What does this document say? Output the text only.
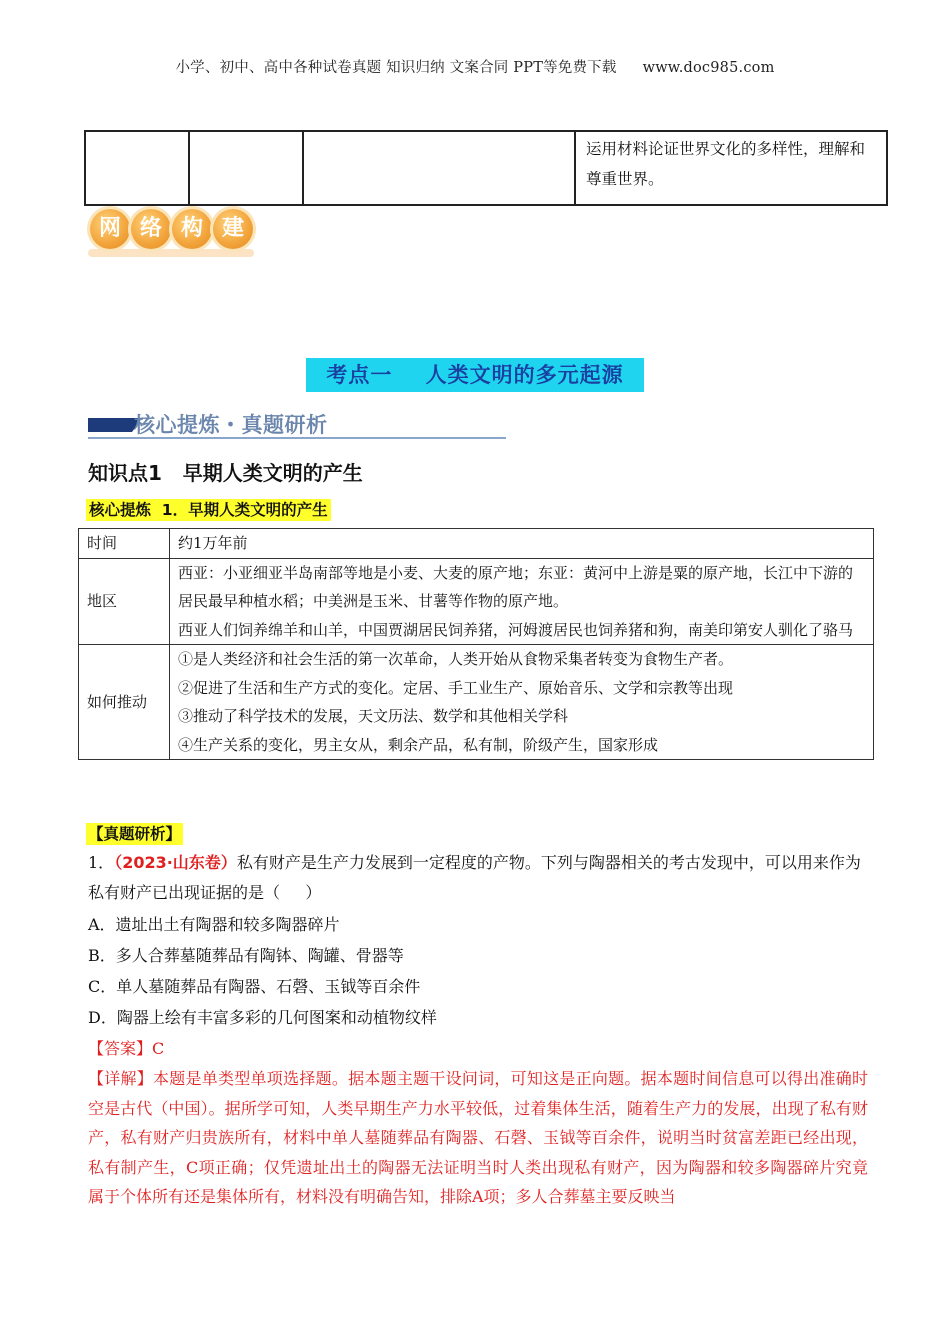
小学、初中、高中各种试卷真题 知识归纳 文案合同 PPT等免费下载 www.doc985.com
			运用材料论证世界文化的多样性，理解和尊重世界。
网 络 构 建
考点一    人类文明的多元起源
核心提炼・真题研析
知识点1   早期人类文明的产生
核心提炼  1．早期人类文明的产生
时间	约1万年前

地区	西亚：小亚细亚半岛南部等地是小麦、大麦的原产地；东亚：黄河中上游是粟的原产地，长江中下游的居民最早种植水稻；中美洲是玉米、甘薯等作物的原产地。
西亚人们饲养绵羊和山羊，中国贾湖居民饲养猪，河姆渡居民也饲养猪和狗，南美印第安人驯化了骆马

如何推动	①是人类经济和社会生活的第一次革命，人类开始从食物采集者转变为食物生产者。
②促进了生活和生产方式的变化。定居、手工业生产、原始音乐、文学和宗教等出现
③推动了科学技术的发展，天文历法、数学和其他相关学科
④生产关系的变化，男主女从，剩余产品，私有制，阶级产生，国家形成
【真题研析】
1．（2023·山东卷）私有财产是生产力发展到一定程度的产物。下列与陶器相关的考古发现中，可以用来作为私有财产已出现证据的是（     ）
A．遗址出土有陶器和较多陶器碎片
B．多人合葬墓随葬品有陶钵、陶罐、骨器等
C．单人墓随葬品有陶器、石磬、玉钺等百余件
D．陶器上绘有丰富多彩的几何图案和动植物纹样
【答案】C
【详解】本题是单类型单项选择题。据本题主题干设问词，可知这是正向题。据本题时间信息可以得出准确时空是古代（中国）。据所学可知，人类早期生产力水平较低，过着集体生活，随着生产力的发展，出现了私有财产，私有财产归贵族所有，材料中单人墓随葬品有陶器、石磬、玉钺等百余件，说明当时贫富差距已经出现，私有制产生，C项正确；仅凭遗址出土的陶器无法证明当时人类出现私有财产，因为陶器和较多陶器碎片究竟属于个体所有还是集体所有，材料没有明确告知，排除A项；多人合葬墓主要反映当
